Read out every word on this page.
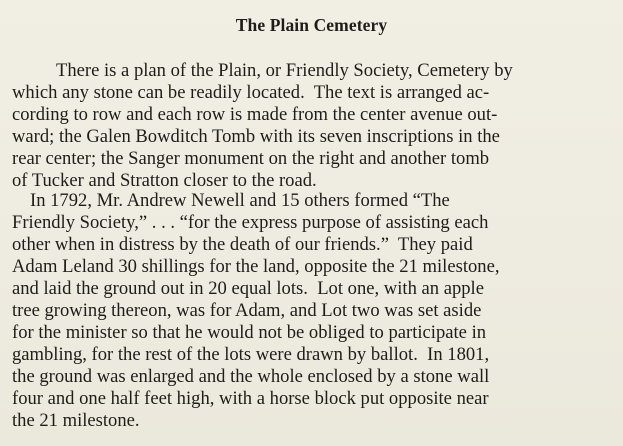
The Plain Cemetery
There is a plan of the Plain, or Friendly Society, Cemetery by
which any stone can be readily located.  The text is arranged ac-
cording to row and each row is made from the center avenue out-
ward; the Galen Bowditch Tomb with its seven inscriptions in the
rear center; the Sanger monument on the right and another tomb
of Tucker and Stratton closer to the road.
In 1792, Mr. Andrew Newell and 15 others formed “The
Friendly Society,” . . . “for the express purpose of assisting each
other when in distress by the death of our friends.”  They paid
Adam Leland 30 shillings for the land, opposite the 21 milestone,
and laid the ground out in 20 equal lots.  Lot one, with an apple
tree growing thereon, was for Adam, and Lot two was set aside
for the minister so that he would not be obliged to participate in
gambling, for the rest of the lots were drawn by ballot.  In 1801,
the ground was enlarged and the whole enclosed by a stone wall
four and one half feet high, with a horse block put opposite near
the 21 milestone.
